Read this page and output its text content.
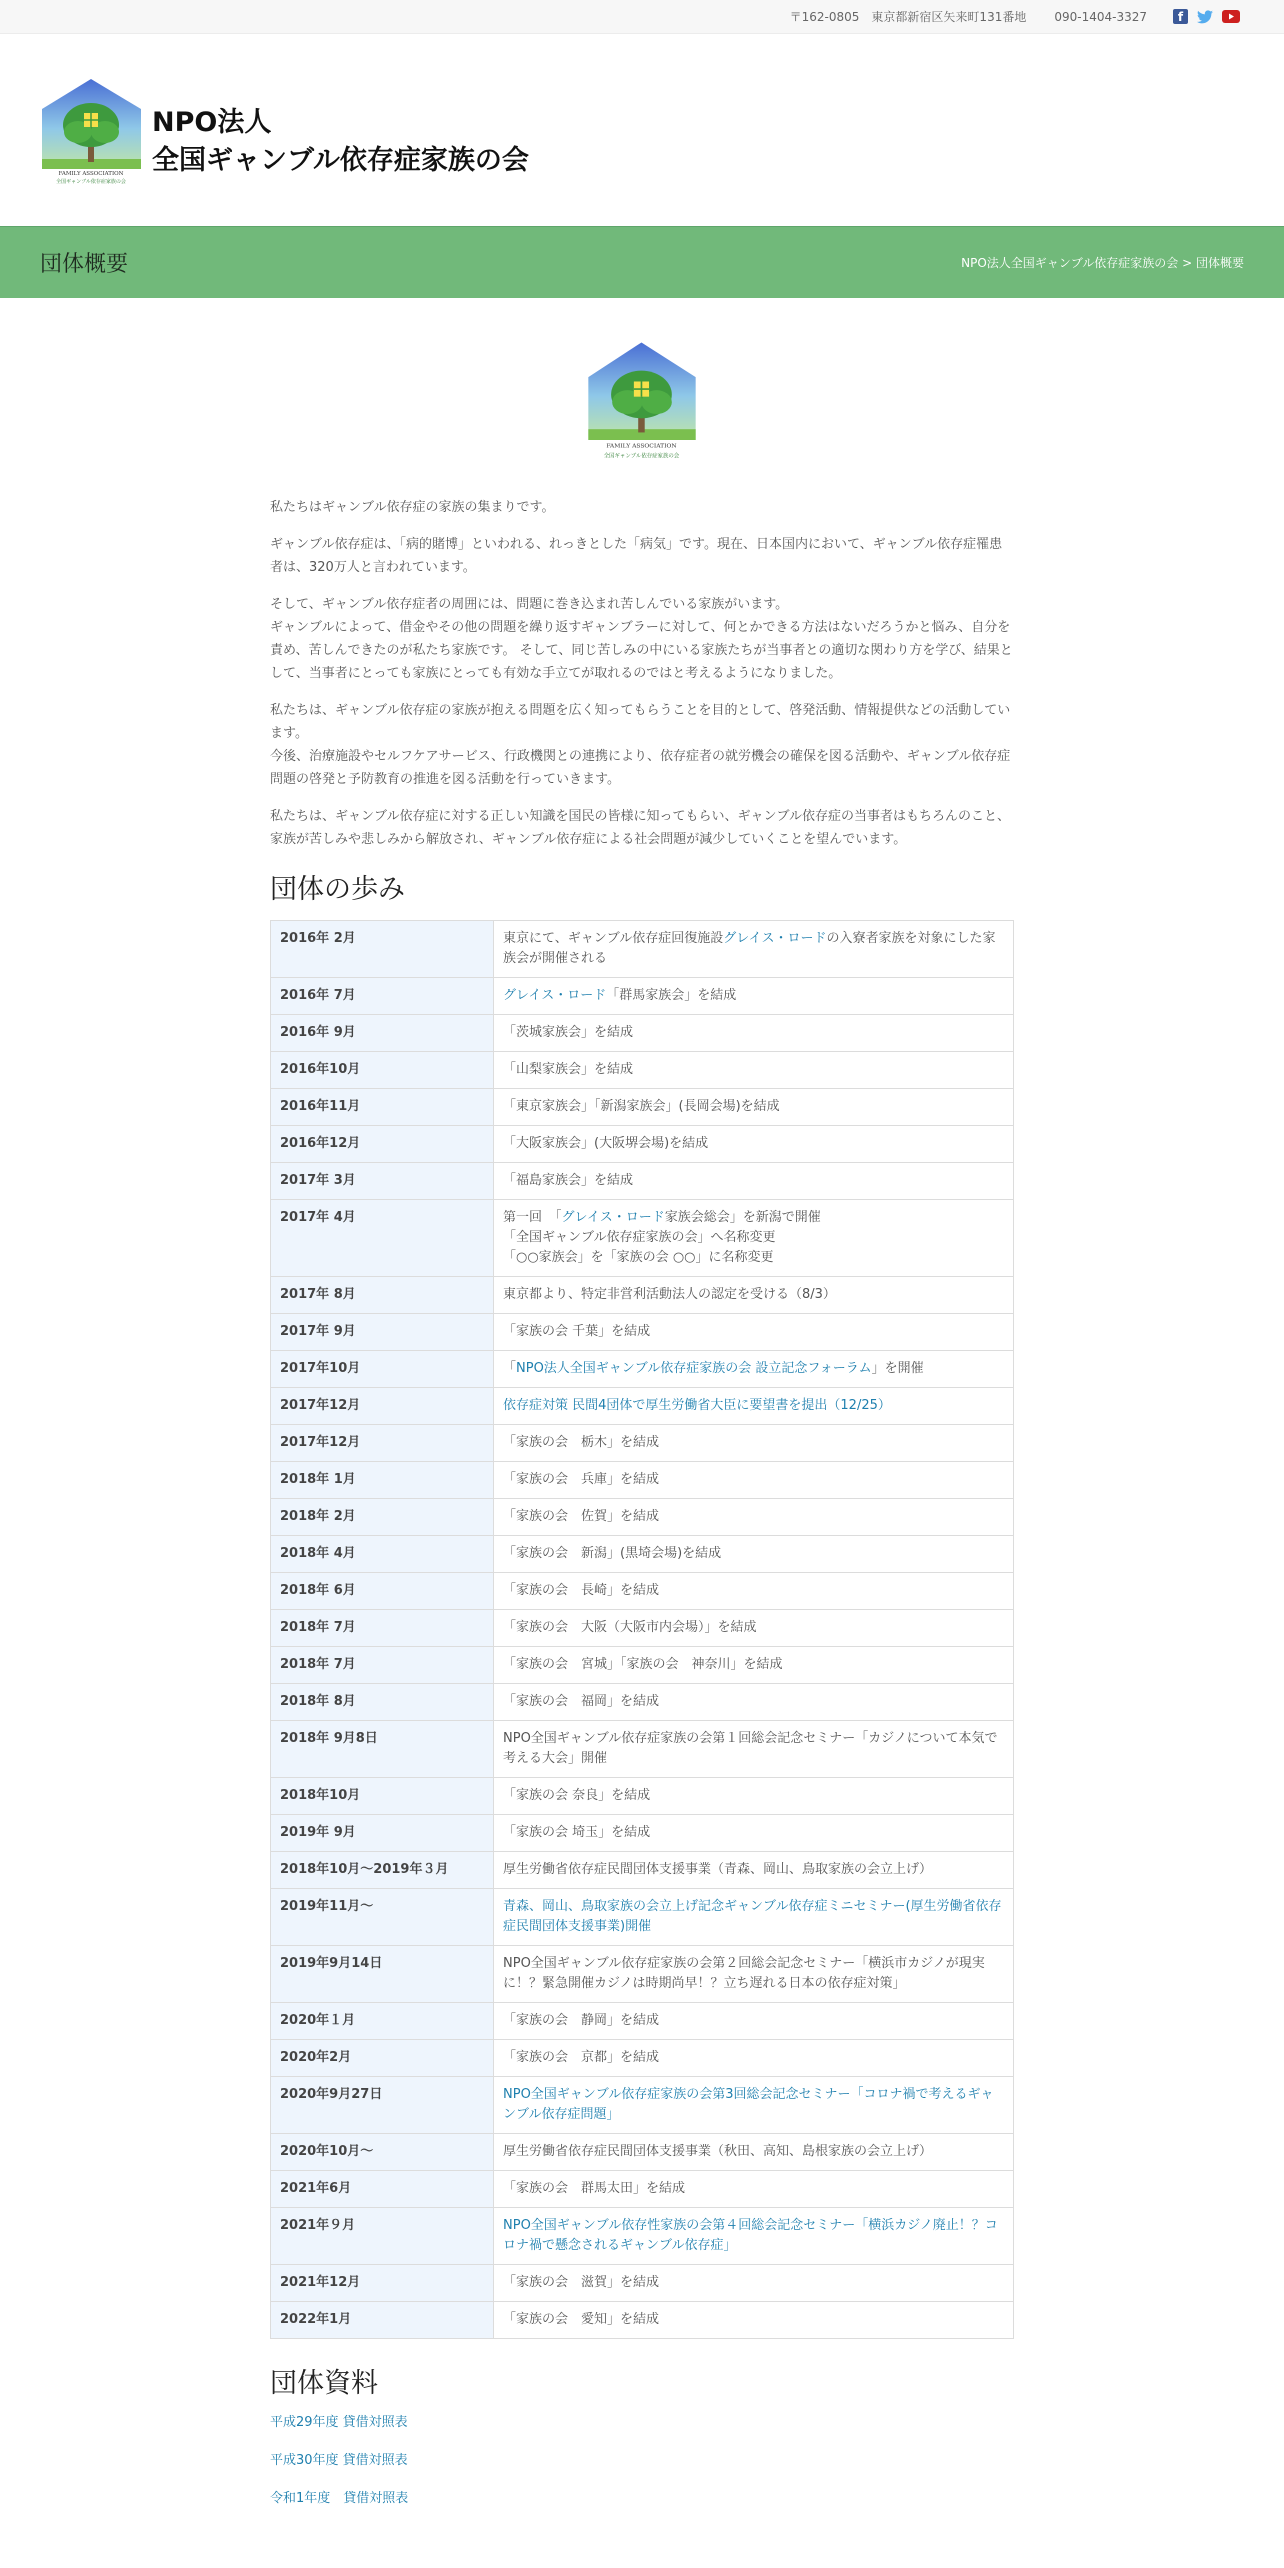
〒162-0805　東京都新宿区矢来町131番地 090-1404-3327	f
FAMILY ASSOCIATION
全国ギャンブル依存症家族の会
NPO法人
全国ギャンブル依存症家族の会
団体概要	NPO法人全国ギャンブル依存症家族の会 > 団体概要
FAMILY ASSOCIATION
全国ギャンブル依存症家族の会

私たちはギャンブル依存症の家族の集まりです。

ギャンブル依存症は、「病的賭博」といわれる、れっきとした「病気」です。現在、日本国内において、ギャンブル依存症罹患者は、320万人と言われています。

そして、ギャンブル依存症者の周囲には、問題に巻き込まれ苦しんでいる家族がいます。
ギャンブルによって、借金やその他の問題を繰り返すギャンブラーに対して、何とかできる方法はないだろうかと悩み、自分を責め、苦しんできたのが私たち家族です。 そして、同じ苦しみの中にいる家族たちが当事者との適切な関わり方を学び、結果として、当事者にとっても家族にとっても有効な手立てが取れるのではと考えるようになりました。

私たちは、ギャンブル依存症の家族が抱える問題を広く知ってもらうことを目的として、啓発活動、情報提供などの活動しています。
今後、治療施設やセルフケアサービス、行政機関との連携により、依存症者の就労機会の確保を図る活動や、ギャンブル依存症問題の啓発と予防教育の推進を図る活動を行っていきます。

私たちは、ギャンブル依存症に対する正しい知識を国民の皆様に知ってもらい、ギャンブル依存症の当事者はもちろんのこと、家族が苦しみや悲しみから解放され、ギャンブル依存症による社会問題が減少していくことを望んでいます。

団体の歩み
2016年 2月	東京にて、ギャンブル依存症回復施設グレイス・ロードの入寮者家族を対象にした家族会が開催される
2016年 7月	グレイス・ロード「群馬家族会」を結成
2016年 9月	「茨城家族会」を結成
2016年10月	「山梨家族会」を結成
2016年11月	「東京家族会」「新潟家族会」(長岡会場)を結成
2016年12月	「大阪家族会」(大阪堺会場)を結成
2017年 3月	「福島家族会」を結成
2017年 4月	第一回　「グレイス・ロード家族会総会」を新潟で開催
「全国ギャンブル依存症家族の会」へ名称変更
「○○家族会」を「家族の会 ○○」に名称変更
2017年 8月	東京都より、特定非営利活動法人の認定を受ける（8/3）
2017年 9月	「家族の会 千葉」を結成
2017年10月	「NPO法人全国ギャンブル依存症家族の会 設立記念フォーラム」を開催
2017年12月	依存症対策 民間4団体で厚生労働省大臣に要望書を提出（12/25）
2017年12月	「家族の会　栃木」を結成
2018年 1月	「家族の会　兵庫」を結成
2018年 2月	「家族の会　佐賀」を結成
2018年 4月	「家族の会　新潟」(黒埼会場)を結成
2018年 6月	「家族の会　長崎」を結成
2018年 7月	「家族の会　大阪（大阪市内会場）」を結成
2018年 7月	「家族の会　宮城」「家族の会　神奈川」を結成
2018年 8月	「家族の会　福岡」を結成
2018年 9月8日	NPO全国ギャンブル依存症家族の会第１回総会記念セミナー「カジノについて本気で考える大会」開催
2018年10月	「家族の会 奈良」を結成
2019年 9月	「家族の会 埼玉」を結成
2018年10月～2019年３月	厚生労働省依存症民間団体支援事業（青森、岡山、鳥取家族の会立上げ）
2019年11月〜	青森、岡山、鳥取家族の会立上げ記念ギャンブル依存症ミニセミナー(厚生労働省依存症民間団体支援事業)開催
2019年9月14日	NPO全国ギャンブル依存症家族の会第２回総会記念セミナー「横浜市カジノが現実に！？緊急開催カジノは時期尚早！？立ち遅れる日本の依存症対策」
2020年１月	「家族の会　静岡」を結成
2020年2月	「家族の会　京都」を結成
2020年9月27日	NPO全国ギャンブル依存症家族の会第3回総会記念セミナー「コロナ禍で考えるギャンブル依存症問題」
2020年10月〜	厚生労働省依存症民間団体支援事業（秋田、高知、島根家族の会立上げ）
2021年6月	「家族の会　群馬太田」を結成
2021年９月	NPO全国ギャンブル依存性家族の会第４回総会記念セミナー「横浜カジノ廃止！？コロナ禍で懸念されるギャンブル依存症」
2021年12月	「家族の会　滋賀」を結成
2022年1月	「家族の会　愛知」を結成
団体資料
平成29年度 貸借対照表
平成30年度 貸借対照表
令和1年度　貸借対照表
